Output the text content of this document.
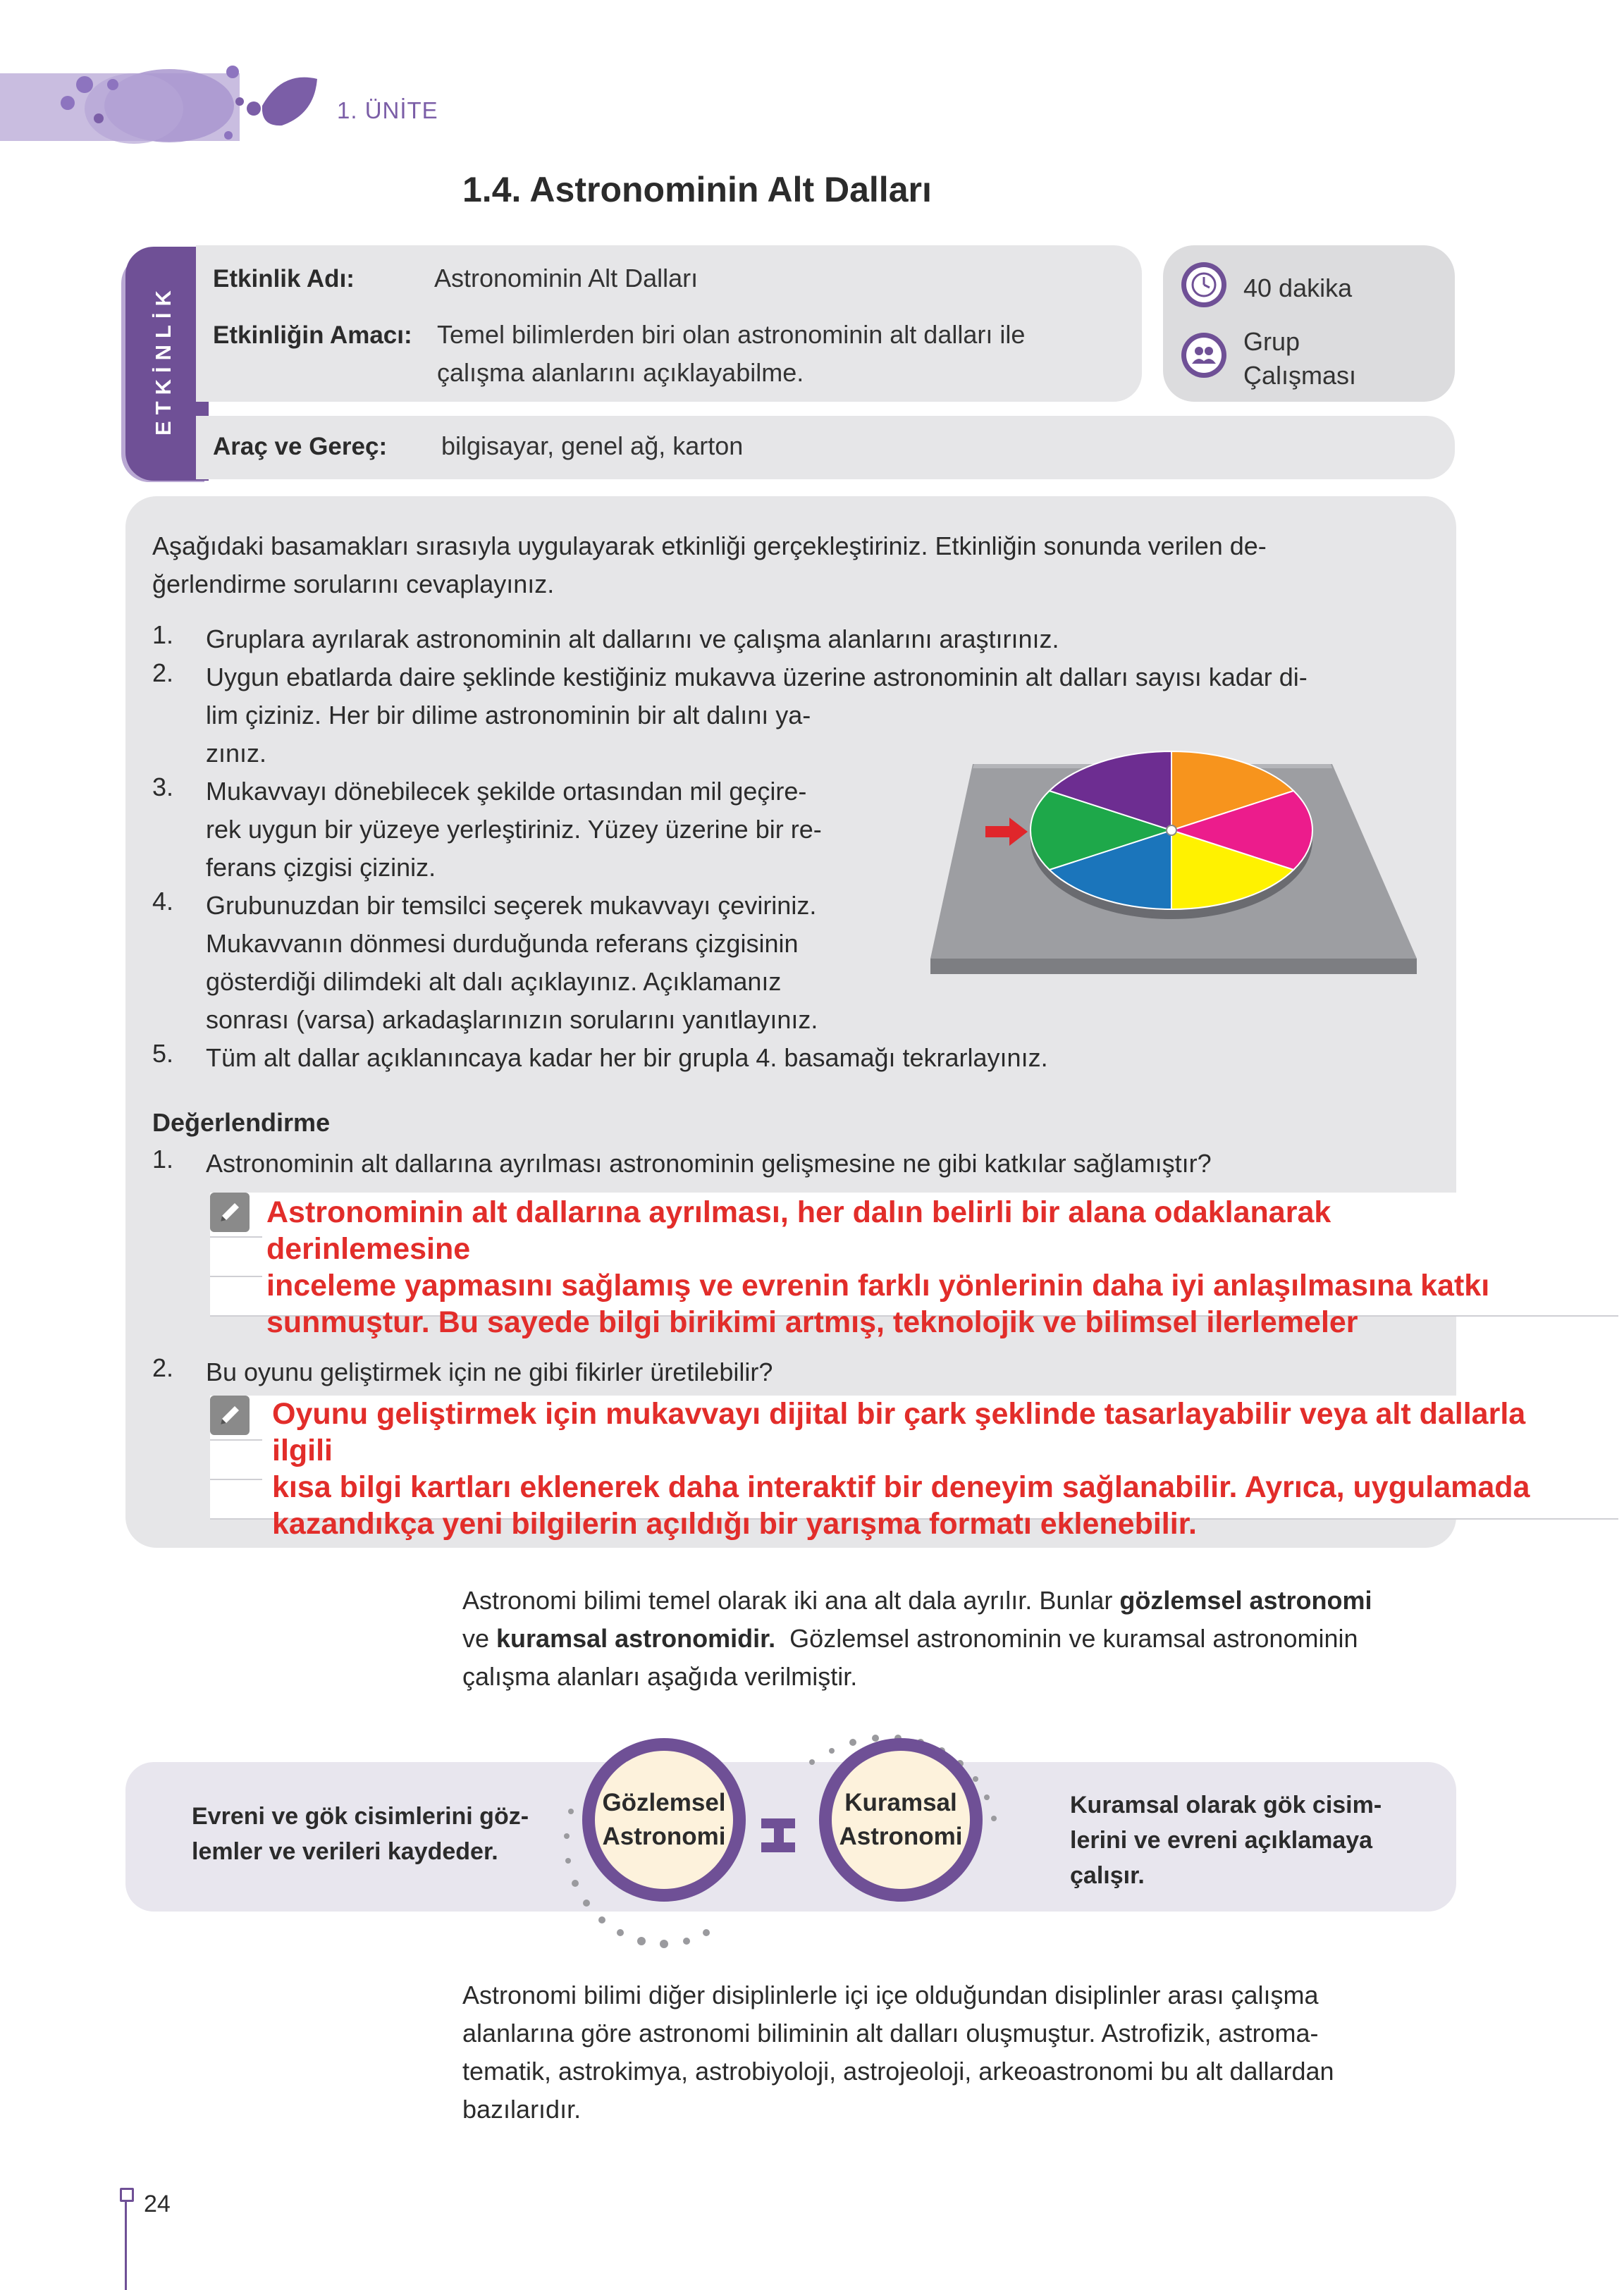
1. ÜNİTE
1.4. Astronominin Alt Dalları
ETKİNLİK
Etkinlik Adı:	Astronominin Alt Dalları
Etkinliğin Amacı: Temel bilimlerden biri olan astronominin alt dalları ile
çalışma alanlarını açıklayabilme.
Araç ve Gereç: bilgisayar, genel ağ, karton
40 dakika
Grup
Çalışması
Aşağıdaki basamakları sırasıyla uygulayarak etkinliği gerçekleştiriniz. Etkinliğin sonunda verilen de-
ğerlendirme sorularını cevaplayınız.
1. Gruplara ayrılarak astronominin alt dallarını ve çalışma alanlarını araştırınız.
2. Uygun ebatlarda daire şeklinde kestiğiniz mukavva üzerine astronominin alt dalları sayısı kadar di-
lim çiziniz. Her bir dilime astronominin bir alt dalını ya-
zınız.
3. Mukavvayı dönebilecek şekilde ortasından mil geçire-
rek uygun bir yüzeye yerleştiriniz. Yüzey üzerine bir re-
ferans çizgisi çiziniz.
4. Grubunuzdan bir temsilci seçerek mukavvayı çeviriniz.
Mukavvanın dönmesi durduğunda referans çizgisinin
gösterdiği dilimdeki alt dalı açıklayınız. Açıklamanız
sonrası (varsa) arkadaşlarınızın sorularını yanıtlayınız.
5. Tüm alt dallar açıklanıncaya kadar her bir grupla 4. basamağı tekrarlayınız.
Değerlendirme
1. Astronominin alt dallarına ayrılması astronominin gelişmesine ne gibi katkılar sağlamıştır?
Astronominin alt dallarına ayrılması, her dalın belirli bir alana odaklanarak
derinlemesine
inceleme yapmasını sağlamış ve evrenin farklı yönlerinin daha iyi anlaşılmasına katkı
sunmuştur. Bu sayede bilgi birikimi artmış, teknolojik ve bilimsel ilerlemeler
2. Bu oyunu geliştirmek için ne gibi fikirler üretilebilir?
Oyunu geliştirmek için mukavvayı dijital bir çark şeklinde tasarlayabilir veya alt dallarla
ilgili
kısa bilgi kartları eklenerek daha interaktif bir deneyim sağlanabilir. Ayrıca, uygulamada
kazandıkça yeni bilgilerin açıldığı bir yarışma formatı eklenebilir.
Astronomi bilimi temel olarak iki ana alt dala ayrılır. Bunlar gözlemsel astronomi
ve kuramsal astronomidir.  Gözlemsel astronominin ve kuramsal astronominin
çalışma alanları aşağıda verilmiştir.
Evreni ve gök cisimlerini göz-
lemler ve verileri kaydeder.
Gözlemsel
Astronomi
Kuramsal
Astronomi
Kuramsal olarak gök cisim-
lerini ve evreni açıklamaya
çalışır.
Astronomi bilimi diğer disiplinlerle içi içe olduğundan disiplinler arası çalışma
alanlarına göre astronomi biliminin alt dalları oluşmuştur. Astrofizik, astroma-
tematik, astrokimya, astrobiyoloji, astrojeoloji, arkeoastronomi bu alt dallardan
bazılarıdır.
24
